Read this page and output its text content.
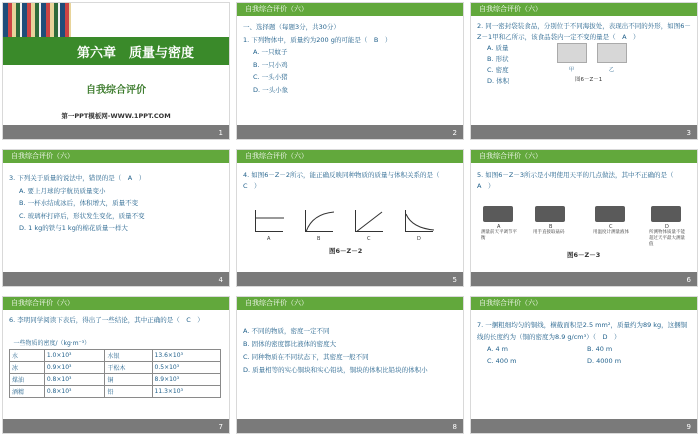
第六章　质量与密度
自我综合评价
第一PPT模板网-WWW.1PPT.COM
1
自我综合评价（六）
一、选择题（每题3分，共30分）
1. 下列物体中，质量约为200 g的可能是（　B　）
A. 一只蚊子
B. 一只小鸡
C. 一头小猪
D. 一头小象
2
自我综合评价（六）
2. 同一密封袋装食品，分别位于不同海拔处，表现出不同的外形，如图6－Z－1甲和乙所示，该食品袋内一定不变的量是（　A　）
A. 质量
B. 形状
C. 密度
D. 体积
甲	乙
图6－Z－1
3
自我综合评价（六）
3. 下列关于质量的说法中，错误的是（　A　）
A. 要上月球的宇航员质量变小
B. 一杯水结成冰后，体积增大，质量不变
C. 玻璃杯打碎后，形状发生变化，质量不变
D. 1 kg的铁与1 kg的棉花质量一样大
4
自我综合评价（六）
4. 如图6－Z－2所示，能正确反映同种物质的质量与体积关系的是（　C　）
A	B	C	D
图6－Z－2
5
自我综合评价（六）
5. 如图6－Z－3所示是小明使用天平的几点做法，其中不正确的是（　A　）
A	B	C	D
测量前天平调节平衡
用手直接取砝码	用温度计测量液体	所测物体质量不能超过天平最大测量值
图6－Z－3
6
自我综合评价（六）
6. 李明同学阅读下表后，得出了一些结论，其中正确的是（　C　）
一些物质的密度/（kg·m⁻³）			
水	1.0×10³	水银	13.6×10³
冰	0.9×10³	干松木	0.5×10³
煤油	0.8×10³	铜	8.9×10³
酒精	0.8×10³	铅	11.3×10³
7
自我综合评价（六）
A. 不同的物质，密度一定不同
B. 固体的密度都比液体的密度大
C. 同种物质在不同状态下，其密度一般不同
D. 质量相等的实心铜块和实心铅块，铜块的体积比铅块的体积小
8
自我综合评价（六）
7. 一捆粗细均匀的铜线，横截面积是2.5 mm²，质量约为89 kg，这捆铜线的长度约为（铜的密度为8.9 g/cm³）（　D　）
A. 4 m	B. 40 m
C. 400 m	D. 4000 m
9
